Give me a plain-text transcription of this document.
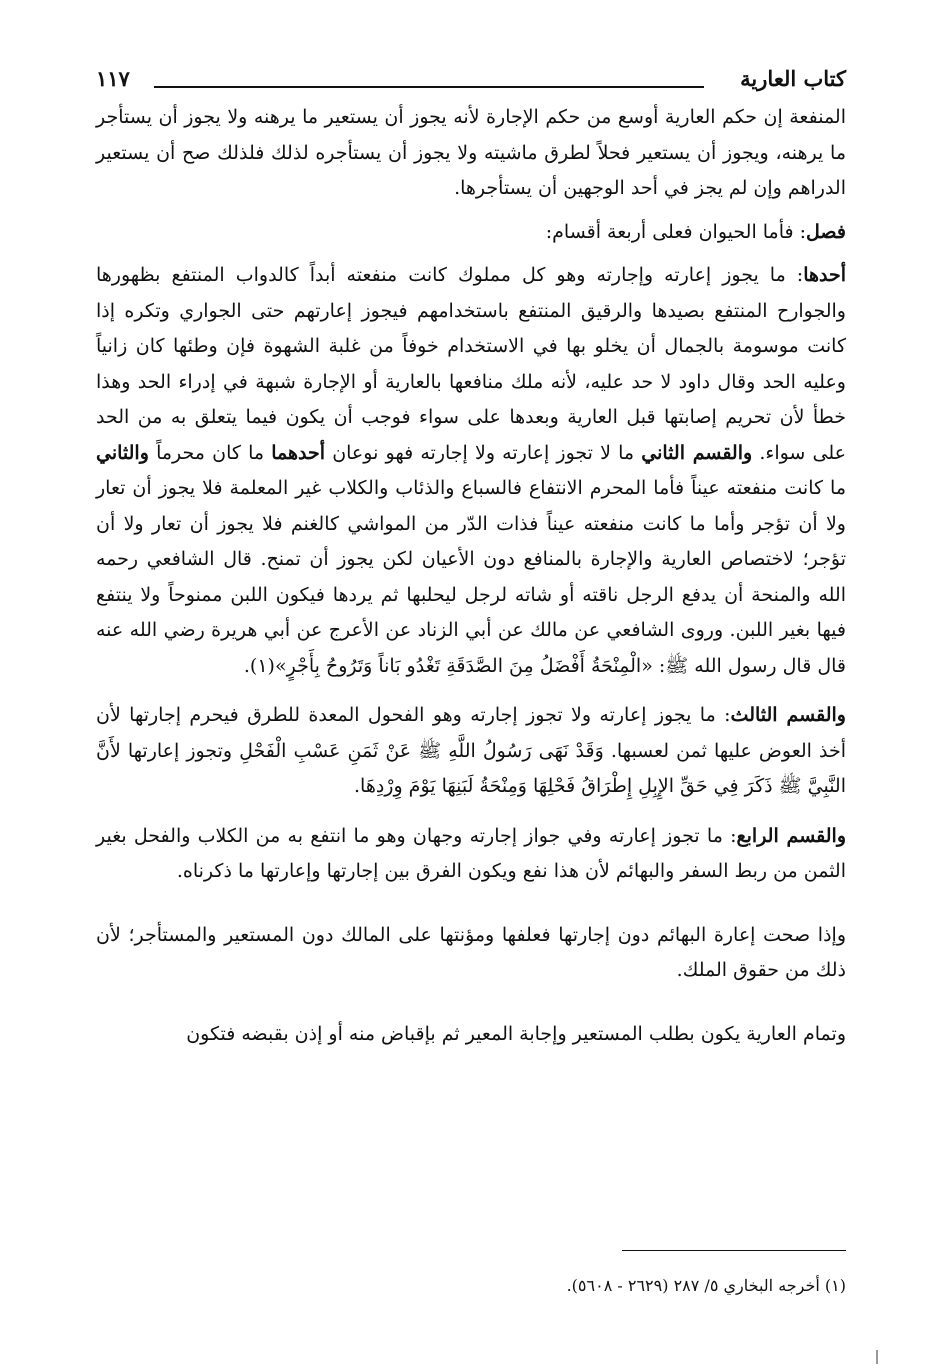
كتاب العارية
١١٧

المنفعة إن حكم العارية أوسع من حكم الإجارة لأنه يجوز أن يستعير ما يرهنه ولا يجوز أن يستأجر ما يرهنه، ويجوز أن يستعير فحلاً لطرق ماشيته ولا يجوز أن يستأجره لذلك فلذلك صح أن يستعير الدراهم وإن لم يجز في أحد الوجهين أن يستأجرها.

فصل: فأما الحيوان فعلى أربعة أقسام:

أحدها: ما يجوز إعارته وإجارته وهو كل مملوك كانت منفعته أبداً كالدواب المنتفع بظهورها والجوارح المنتفع بصيدها والرقيق المنتفع باستخدامهم فيجوز إعارتهم حتى الجواري وتكره إذا كانت موسومة بالجمال أن يخلو بها في الاستخدام خوفاً من غلبة الشهوة فإن وطئها كان زانياً وعليه الحد وقال داود لا حد عليه، لأنه ملك منافعها بالعارية أو الإجارة شبهة في إدراء الحد وهذا خطأ لأن تحريم إصابتها قبل العارية وبعدها على سواء فوجب أن يكون فيما يتعلق به من الحد على سواء. والقسم الثاني ما لا تجوز إعارته ولا إجارته فهو نوعان أحدهما ما كان محرماً والثاني ما كانت منفعته عيناً فأما المحرم الانتفاع فالسباع والذئاب والكلاب غير المعلمة فلا يجوز أن تعار ولا أن تؤجر وأما ما كانت منفعته عيناً فذات الدّر من المواشي كالغنم فلا يجوز أن تعار ولا أن تؤجر؛ لاختصاص العارية والإجارة بالمنافع دون الأعيان لكن يجوز أن تمنح. قال الشافعي رحمه الله والمنحة أن يدفع الرجل ناقته أو شاته لرجل ليحلبها ثم يردها فيكون اللبن ممنوحاً ولا ينتفع فيها بغير اللبن. وروى الشافعي عن مالك عن أبي الزناد عن الأعرج عن أبي هريرة رضي الله عنه قال قال رسول الله ﷺ: «الْمِنْحَةُ أَفْضَلُ مِنَ الصَّدَقَةِ تَغْدُو بَاناً وَتَرُوحُ بِأَجْرٍ»(١).

والقسم الثالث: ما يجوز إعارته ولا تجوز إجارته وهو الفحول المعدة للطرق فيحرم إجارتها لأن أخذ العوض عليها ثمن لعسبها. وَقَدْ نَهَى رَسُولُ اللَّهِ ﷺ عَنْ ثَمَنِ عَسْبِ الْفَحْلِ وتجوز إعارتها لأَنَّ النَّبِيَّ ﷺ ذَكَرَ فِي حَقِّ الإِبِلِ إِطْرَاقُ فَحْلِهَا وَمِنْحَةُ لَبَنِهَا يَوْمَ وِرْدِهَا.

والقسم الرابع: ما تجوز إعارته وفي جواز إجارته وجهان وهو ما انتفع به من الكلاب والفحل بغير الثمن من ربط السفر والبهائم لأن هذا نفع ويكون الفرق بين إجارتها وإعارتها ما ذكرناه.

وإذا صحت إعارة البهائم دون إجارتها فعلفها ومؤنتها على المالك دون المستعير والمستأجر؛ لأن ذلك من حقوق الملك.

وتمام العارية يكون بطلب المستعير وإجابة المعير ثم بإقباض منه أو إذن بقبضه فتكون

(١) أخرجه البخاري ٥/ ٢٨٧ (٢٦٢٩ - ٥٦٠٨).
